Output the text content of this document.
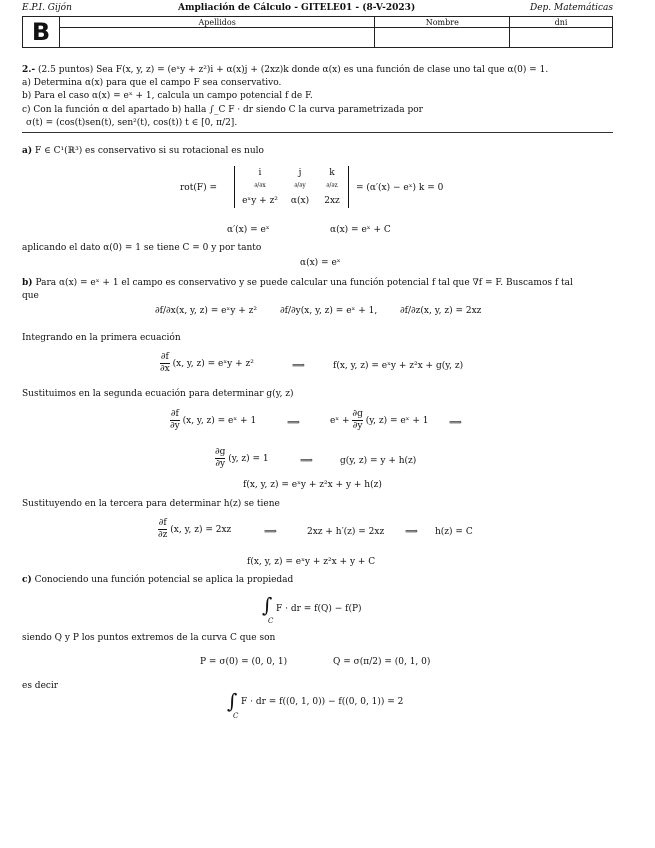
E.P.I. Gijón	Ampliación de Cálculo - GITELE01 - (8-V-2023)	Dep. Matemáticas
B	Apellidos	Nombre	dni

2.- (2.5 puntos) Sea F(x, y, z) = (eˣy + z²)i + α(x)j + (2xz)k donde α(x) es una función de clase uno tal que α(0) = 1.
a) Determina α(x) para que el campo F sea conservativo.
b) Para el caso α(x) = eˣ + 1, calcula un campo potencial f de F.
c) Con la función α del apartado b) halla ∫_C F · dr siendo C la curva parametrizada por
σ(t) = (cos(t)sen(t), sen²(t), cos(t)) t ∈ [0, π/2].
a) F ∈ C¹(ℝ³) es conservativo si su rotacional es nulo
rot(F) =
i	j	k
∂/∂x	∂/∂y	∂/∂z
eˣy + z²	α(x)	2xz
= (α′(x) − eˣ) k = 0
α′(x) = eˣ	α(x) = eˣ + C
aplicando el dato α(0) = 1 se tiene C = 0 y por tanto
α(x) = eˣ
b) Para α(x) = eˣ + 1 el campo es conservativo y se puede calcular una función potencial f tal que ∇f = F. Buscamos f tal
que
∂f/∂x(x, y, z) = eˣy + z²	∂f/∂y(x, y, z) = eˣ + 1,	∂f/∂z(x, y, z) = 2xz
Integrando en la primera ecuación
$\frac{\partial f}{\partial x} (x$, y, z) = eˣy + z²	⟹	f(x, y, z) = eˣy + z²x + g(y, z)
Sustituimos en la segunda ecuación para determinar g(y, z)
$\frac{\partial f}{\partial y} (x$, y, z) = eˣ + 1	⟹	eˣ + $\frac{\partial g}{\partial y} (y$, z) = eˣ + 1 ⟹
$\frac{\partial g}{\partial y} (y$, z) = 1	⟹	g(y, z) = y + h(z)
f(x, y, z) = eˣy + z²x + y + h(z)
Sustituyendo en la tercera para determinar h(z) se tiene
$\frac{\partial f}{\partial z} (x$, y, z) = 2xz	⟹	2xz + h′(z) = 2xz ⟹ h(z) = C
f(x, y, z) = eˣy + z²x + y + C
c) Conociendo una función potencial se aplica la propiedad
∫
C
F · dr = f(Q) − f(P)
siendo Q y P los puntos extremos de la curva C que son
P = σ(0) = (0, 0, 1)	Q = σ(π/2) = (0, 1, 0)
es decir
∫
C
F · dr = f((0, 1, 0)) − f((0, 0, 1)) = 2
